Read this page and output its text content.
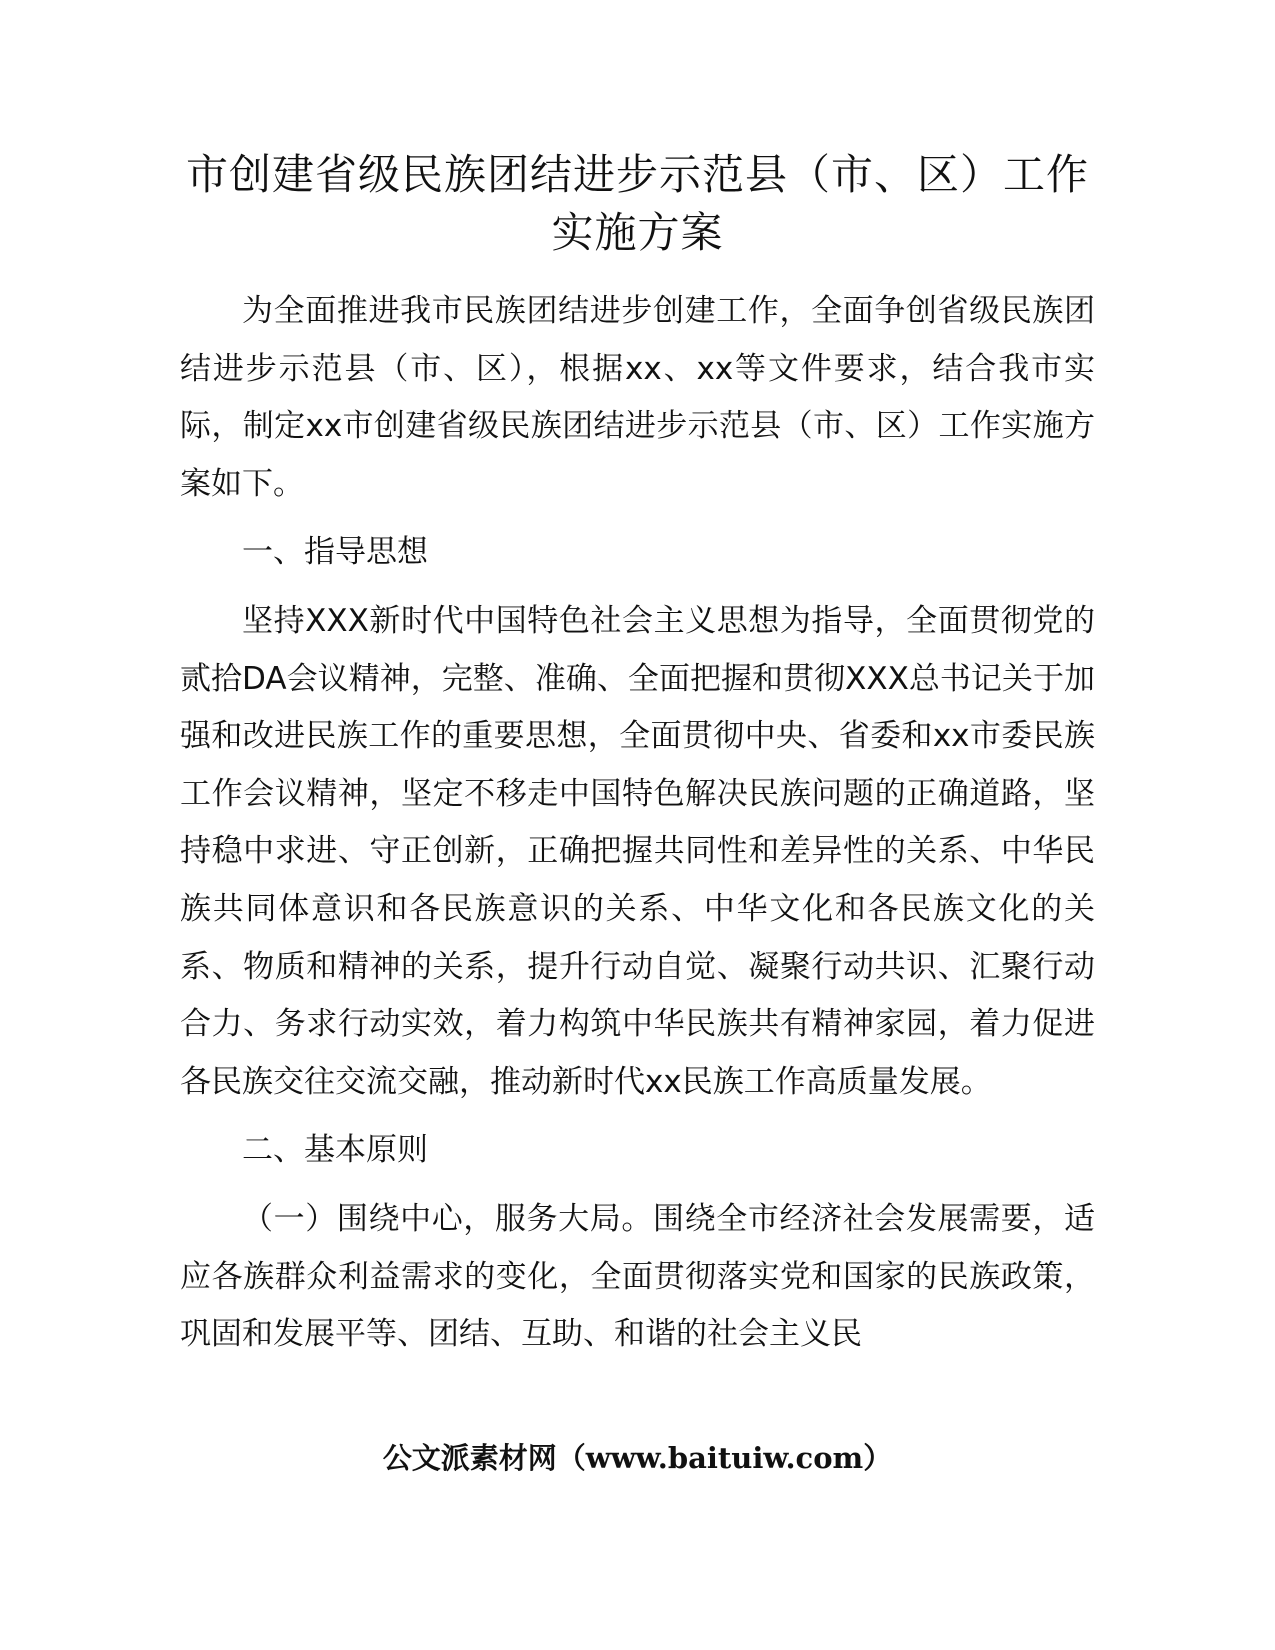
市创建省级民族团结进步示范县（市、区）工作实施方案

为全面推进我市民族团结进步创建工作，全面争创省级民族团结进步示范县（市、区），根据xx、xx等文件要求，结合我市实际，制定xx市创建省级民族团结进步示范县（市、区）工作实施方案如下。

一、指导思想

坚持XXX新时代中国特色社会主义思想为指导，全面贯彻党的贰拾DA会议精神，完整、准确、全面把握和贯彻XXX总书记关于加强和改进民族工作的重要思想，全面贯彻中央、省委和xx市委民族工作会议精神，坚定不移走中国特色解决民族问题的正确道路，坚持稳中求进、守正创新，正确把握共同性和差异性的关系、中华民族共同体意识和各民族意识的关系、中华文化和各民族文化的关系、物质和精神的关系，提升行动自觉、凝聚行动共识、汇聚行动合力、务求行动实效，着力构筑中华民族共有精神家园，着力促进各民族交往交流交融，推动新时代xx民族工作高质量发展。

二、基本原则

（一）围绕中心，服务大局。围绕全市经济社会发展需要，适应各族群众利益需求的变化，全面贯彻落实党和国家的民族政策，巩固和发展平等、团结、互助、和谐的社会主义民

公文派素材网（www.baituiw.com）
